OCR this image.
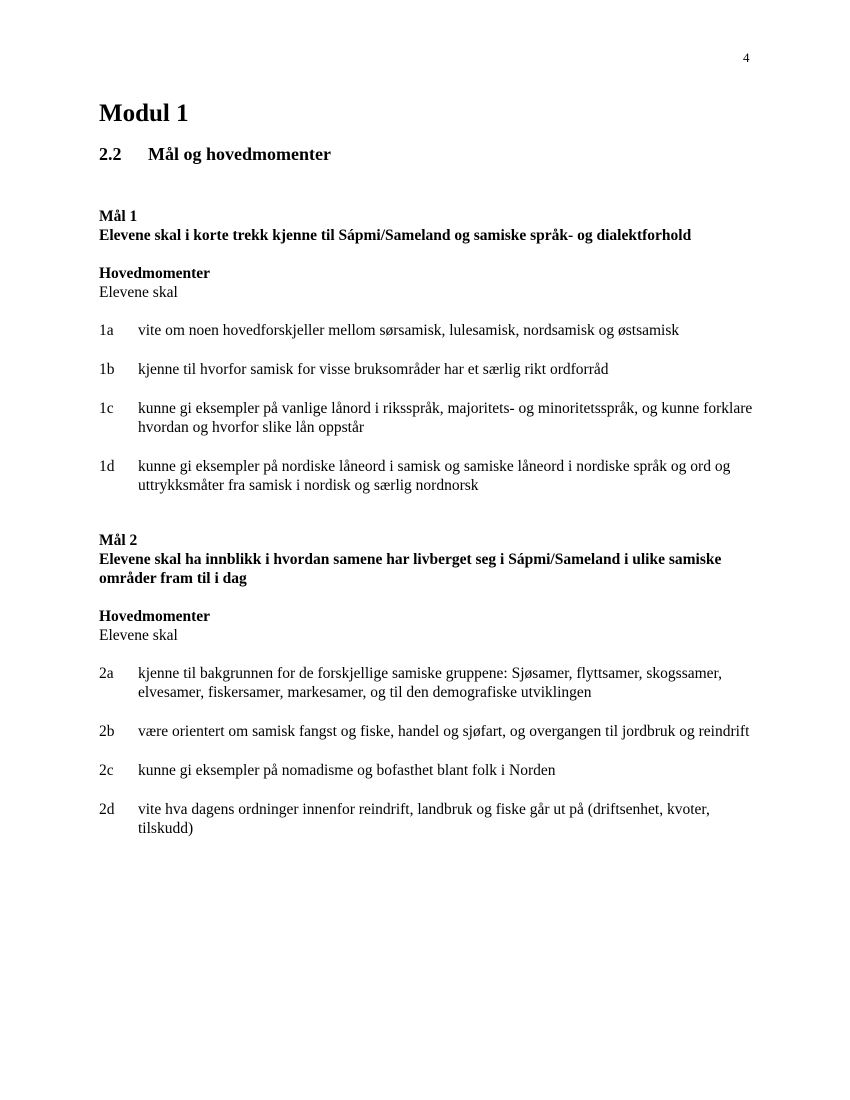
4
Modul 1
2.2	Mål og hovedmomenter

Mål 1

Elevene skal i korte trekk kjenne til Sápmi/Sameland og samiske språk- og dialektforhold

Hovedmomenter

Elevene skal

1a	vite om noen hovedforskjeller mellom sørsamisk, lulesamisk, nordsamisk og østsamisk
1b	kjenne til hvorfor samisk for visse bruksområder har et særlig rikt ordforråd
1c	kunne gi eksempler på vanlige lånord i riksspråk, majoritets- og minoritetsspråk, og kunne forklare hvordan og hvorfor slike lån oppstår
1d	kunne gi eksempler på nordiske låneord i samisk og samiske låneord i nordiske språk og ord og uttrykksmåter fra samisk i nordisk og særlig nordnorsk

Mål 2

Elevene skal ha innblikk i hvordan samene har livberget seg i Sápmi/Sameland i ulike samiske områder fram til i dag

Hovedmomenter

Elevene skal

2a	kjenne til bakgrunnen for de forskjellige samiske gruppene: Sjøsamer, flyttsamer, skogssamer, elvesamer, fiskersamer, markesamer, og til den demografiske utviklingen
2b	være orientert om samisk fangst og fiske, handel og sjøfart, og overgangen til jordbruk og reindrift
2c	kunne gi eksempler på nomadisme og bofasthet blant folk i Norden
2d	vite hva dagens ordninger innenfor reindrift, landbruk og fiske går ut på (driftsenhet, kvoter, tilskudd)
